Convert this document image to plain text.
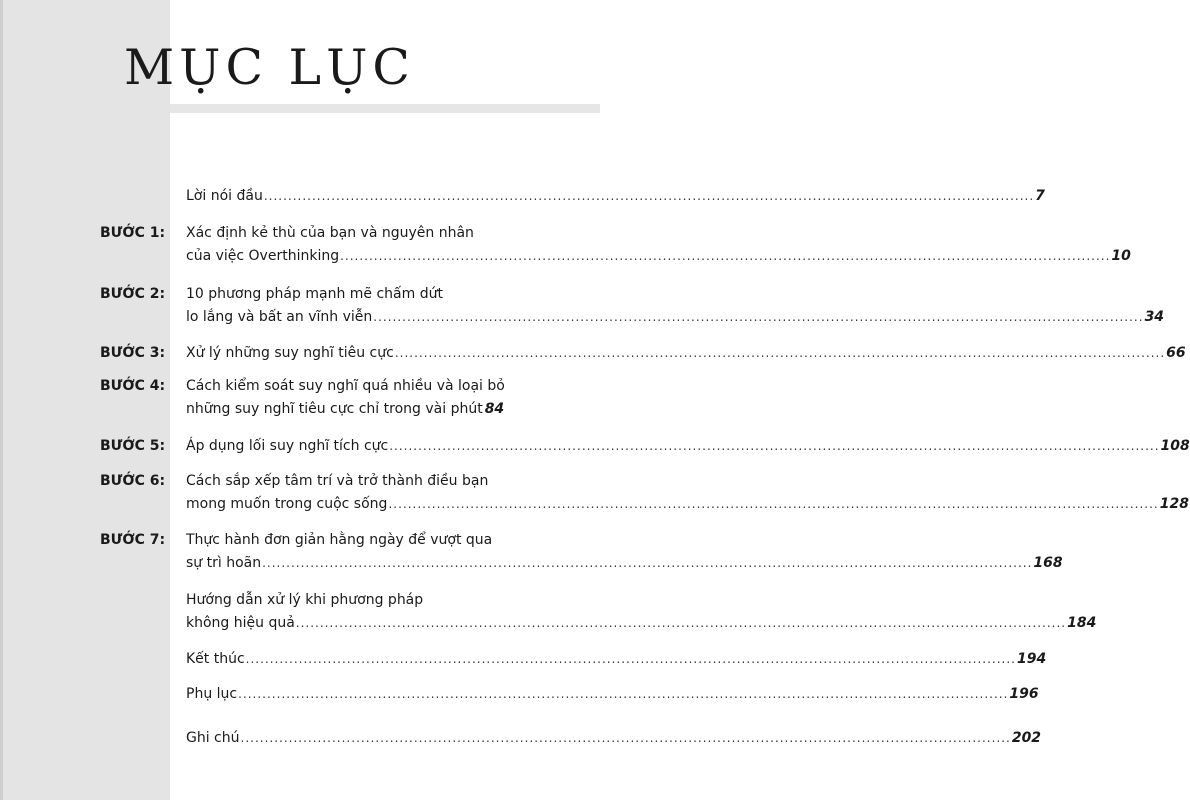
MỤC LỤC
Lời nói đầu ................................................................................................................................................................ 7
BƯỚC 1: Xác định kẻ thù của bạn và nguyên nhân
của việc Overthinking ................................................................................................................................................................ 10
BƯỚC 2: 10 phương pháp mạnh mẽ chấm dứt
lo lắng và bất an vĩnh viễn ................................................................................................................................................................ 34
BƯỚC 3: Xử lý những suy nghĩ tiêu cực ................................................................................................................................................................ 66
BƯỚC 4: Cách kiểm soát suy nghĩ quá nhiều và loại bỏ
những suy nghĩ tiêu cực chỉ trong vài phút 84
BƯỚC 5: Áp dụng lối suy nghĩ tích cực ................................................................................................................................................................ 108
BƯỚC 6: Cách sắp xếp tâm trí và trở thành điều bạn
mong muốn trong cuộc sống ................................................................................................................................................................ 128
BƯỚC 7: Thực hành đơn giản hằng ngày để vượt qua
sự trì hoãn ................................................................................................................................................................ 168
Hướng dẫn xử lý khi phương pháp
không hiệu quả ................................................................................................................................................................ 184
Kết thúc ................................................................................................................................................................ 194
Phụ lục ................................................................................................................................................................ 196
Ghi chú ................................................................................................................................................................ 202
